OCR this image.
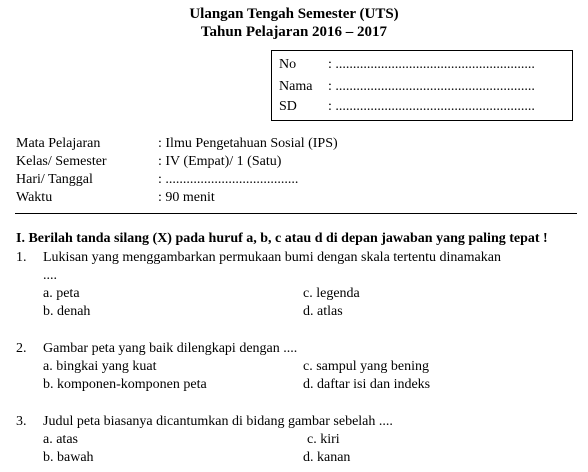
Ulangan Tengah Semester (UTS)
Tahun Pelajaran 2016 – 2017
No : .........................................................
Nama : .........................................................
SD : .........................................................
Mata Pelajaran	: Ilmu Pengetahuan Sosial (IPS)
Kelas/ Semester	: IV (Empat)/ 1 (Satu)
Hari/ Tanggal	: ......................................
Waktu	: 90 menit
I. Berilah tanda silang (X) pada huruf a, b, c atau d di depan jawaban yang paling tepat !
1. Lukisan yang menggambarkan permukaan bumi dengan skala tertentu dinamakan
....
a. peta	c. legenda
b. denah	d. atlas
2. Gambar peta yang baik dilengkapi dengan ....
a. bingkai yang kuat	c. sampul yang bening
b. komponen-komponen peta	d. daftar isi dan indeks
3. Judul peta biasanya dicantumkan di bidang gambar sebelah ....
a. atas	c. kiri
b. bawah	d. kanan
